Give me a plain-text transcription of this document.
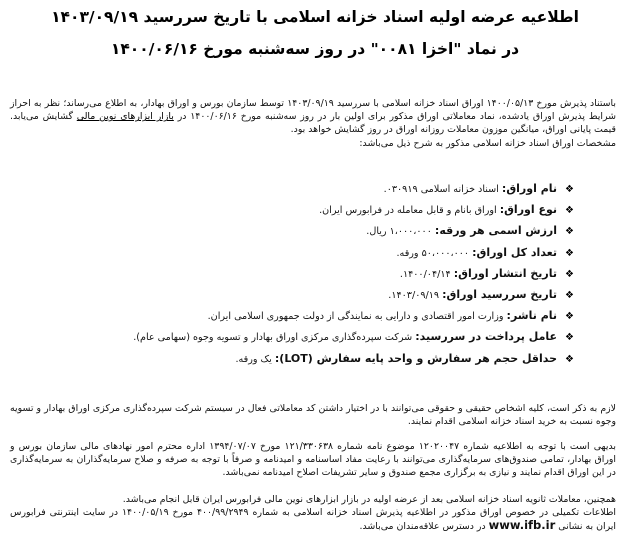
اطلاعیه عرضه اولیه اسناد خزانه اسلامی با تاریخ سررسید ۱۴۰۳/۰۹/۱۹
در نماد "اخزا ۰۰۸۱" در روز سه‌شنبه مورخ ۱۴۰۰/۰۶/۱۶
باستناد پذیرش مورخ ۱۴۰۰/۰۵/۱۳ اوراق اسناد خزانه اسلامی با سررسید ۱۴۰۳/۰۹/۱۹ توسط سازمان بورس و اوراق بهادار، به اطلاع می‌رساند؛ نظر به احراز شرایط پذیرش اوراق یادشده، نماد معاملاتی اوراق مذکور برای اولین بار در روز سه‌شنبه مورخ ۱۴۰۰/۰۶/۱۶ در بازار ابزارهای نوین مالی گشایش می‌یابد. قیمت پایانی اوراق، میانگین موزون معاملات روزانه اوراق در روز گشایش خواهد بود.
مشخصات اوراق اسناد خزانه اسلامی مذکور به شرح ذیل می‌باشد:
❖نام اوراق: اسناد خزانه اسلامی ۰۳۰۹۱۹.
❖نوع اوراق: اوراق بانام و قابل معامله در فرابورس ایران.
❖ارزش اسمی هر ورقه: ۱،۰۰۰،۰۰۰ ریال.
❖تعداد کل اوراق: ۵۰،۰۰۰،۰۰۰ ورقه.
❖تاریخ انتشار اوراق: ۱۴۰۰/۰۴/۱۴.
❖تاریخ سررسید اوراق: ۱۴۰۳/۰۹/۱۹.
❖نام ناشر: وزارت امور اقتصادی و دارایی به نمایندگی از دولت جمهوری اسلامی ایران.
❖عامل پرداخت در سررسید: شرکت سپرده‌گذاری مرکزی اوراق بهادار و تسویه وجوه (سهامی عام).
❖حداقل حجم هر سفارش و واحد پایه سفارش (LOT): یک ورقه.
لازم به ذکر است، کلیه اشخاص حقیقی و حقوقی می‌توانند با در اختیار داشتن کد معاملاتی فعال در سیستم شرکت سپرده‌گذاری مرکزی اوراق بهادار و تسویه وجوه نسبت به خرید اسناد خزانه اسلامی اقدام نمایند.
بدیهی است با توجه به اطلاعیه شماره ۱۲۰۲۰۰۴۷ موضوع نامه شماره ۱۲۱/۳۳۰۶۳۸ مورخ ۱۳۹۴/۰۷/۰۷ اداره محترم امور نهادهای مالی سازمان بورس و اوراق بهادار، تمامی صندوق‌های سرمایه‌گذاری می‌توانند با رعایت مفاد اساسنامه و امیدنامه و صرفاً با توجه به صرفه و صلاح سرمایه‌گذاران به سرمایه‌گذاری در این اوراق اقدام نمایند و نیازی به برگزاری مجمع صندوق و سایر تشریفات اصلاح امیدنامه نمی‌باشد.
همچنین، معاملات ثانویه اسناد خزانه اسلامی بعد از عرضه اولیه در بازار ابزارهای نوین مالی فرابورس ایران قابل انجام می‌باشد.
اطلاعات تکمیلی در خصوص اوراق مذکور در اطلاعیه پذیرش اسناد خزانه اسلامی به شماره ۴۰۰/۹۹/۲۹۴۹ مورخ ۱۴۰۰/۰۵/۱۹ در سایت اینترنتی فرابورس ایران به نشانی www.ifb.ir در دسترس علاقه‌مندان می‌باشد.
